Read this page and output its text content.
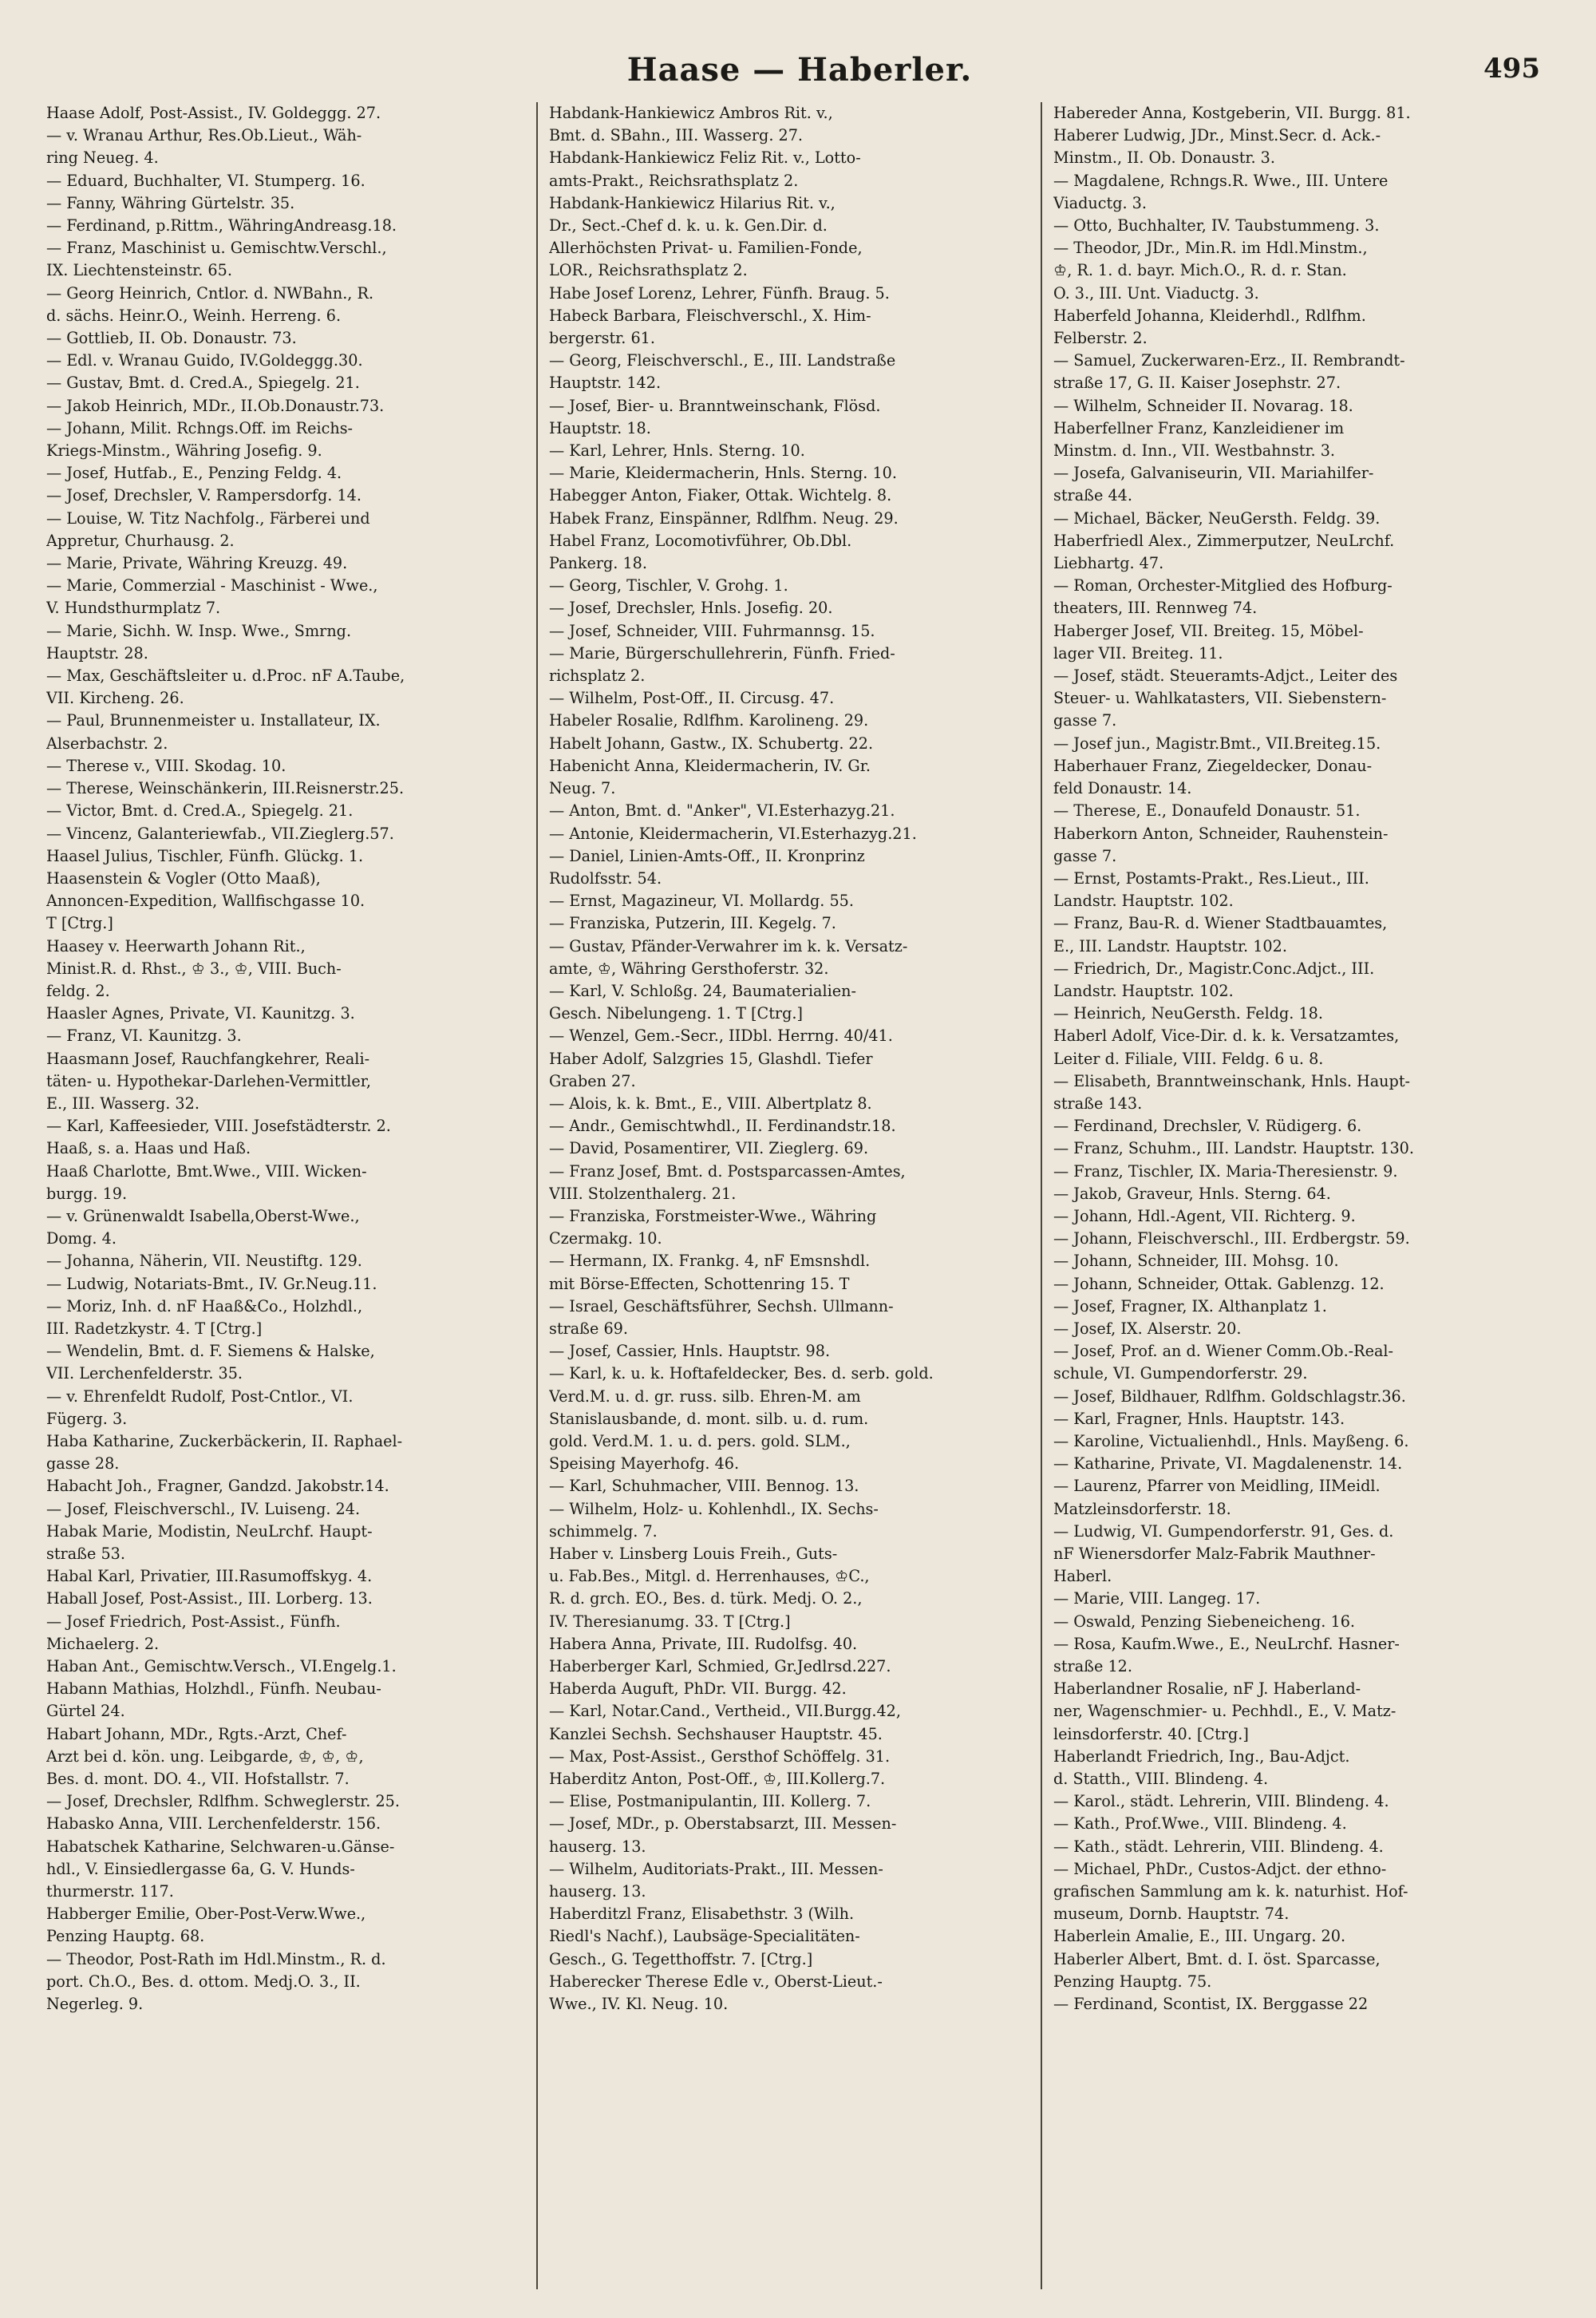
Haase — Haberler.	495

Haase Adolf, Post-Assist., IV. Goldeggg. 27.

— v. Wranau Arthur, Res.Ob.Lieut., Wäh-

ring Neueg. 4.

— Eduard, Buchhalter, VI. Stumperg. 16.

— Fanny, Währing Gürtelstr. 35.

— Ferdinand, p.Rittm., WähringAndreasg.18.

— Franz, Maschinist u. Gemischtw.Verschl.,

IX. Liechtensteinstr. 65.

— Georg Heinrich, Cntlor. d. NWBahn., R.

d. sächs. Heinr.O., Weinh. Herreng. 6.

— Gottlieb, II. Ob. Donaustr. 73.

— Edl. v. Wranau Guido, IV.Goldeggg.30.

— Gustav, Bmt. d. Cred.A., Spiegelg. 21.

— Jakob Heinrich, MDr., II.Ob.Donaustr.73.

— Johann, Milit. Rchngs.Off. im Reichs-

Kriegs-Minstm., Währing Josefig. 9.

— Josef, Hutfab., E., Penzing Feldg. 4.

— Josef, Drechsler, V. Rampersdorfg. 14.

— Louise, W. Titz Nachfolg., Färberei und

Appretur, Churhausg. 2.

— Marie, Private, Währing Kreuzg. 49.

— Marie, Commerzial - Maschinist - Wwe.,

V. Hundsthurmplatz 7.

— Marie, Sichh. W. Insp. Wwe., Smrng.

Hauptstr. 28.

— Max, Geschäftsleiter u. d.Proc. nF A.Taube,

VII. Kircheng. 26.

— Paul, Brunnenmeister u. Installateur, IX.

Alserbachstr. 2.

— Therese v., VIII. Skodag. 10.

— Therese, Weinschänkerin, III.Reisnerstr.25.

— Victor, Bmt. d. Cred.A., Spiegelg. 21.

— Vincenz, Galanteriewfab., VII.Zieglerg.57.

Haasel Julius, Tischler, Fünfh. Glückg. 1.

Haasenstein & Vogler (Otto Maaß),

Annoncen-Expedition, Wallfischgasse 10.

T [Ctrg.]

Haasey v. Heerwarth Johann Rit.,

Minist.R. d. Rhst., ♔ 3., ♔, VIII. Buch-

feldg. 2.

Haasler Agnes, Private, VI. Kaunitzg. 3.

— Franz, VI. Kaunitzg. 3.

Haasmann Josef, Rauchfangkehrer, Reali-

täten- u. Hypothekar-Darlehen-Vermittler,

E., III. Wasserg. 32.

— Karl, Kaffeesieder, VIII. Josefstädterstr. 2.

Haaß, s. a. Haas und Haß.

Haaß Charlotte, Bmt.Wwe., VIII. Wicken-

burgg. 19.

— v. Grünenwaldt Isabella,Oberst-Wwe.,

Domg. 4.

— Johanna, Näherin, VII. Neustiftg. 129.

— Ludwig, Notariats-Bmt., IV. Gr.Neug.11.

— Moriz, Inh. d. nF Haaß&Co., Holzhdl.,

III. Radetzkystr. 4. T [Ctrg.]

— Wendelin, Bmt. d. F. Siemens & Halske,

VII. Lerchenfelderstr. 35.

— v. Ehrenfeldt Rudolf, Post-Cntlor., VI.

Fügerg. 3.

Haba Katharine, Zuckerbäckerin, II. Raphael-

gasse 28.

Habacht Joh., Fragner, Gandzd. Jakobstr.14.

— Josef, Fleischverschl., IV. Luiseng. 24.

Habak Marie, Modistin, NeuLrchf. Haupt-

straße 53.

Habal Karl, Privatier, III.Rasumoffskyg. 4.

Haball Josef, Post-Assist., III. Lorberg. 13.

— Josef Friedrich, Post-Assist., Fünfh.

Michaelerg. 2.

Haban Ant., Gemischtw.Versch., VI.Engelg.1.

Habann Mathias, Holzhdl., Fünfh. Neubau-

Gürtel 24.

Habart Johann, MDr., Rgts.-Arzt, Chef-

Arzt bei d. kön. ung. Leibgarde, ♔, ♔, ♔,

Bes. d. mont. DO. 4., VII. Hofstallstr. 7.

— Josef, Drechsler, Rdlfhm. Schweglerstr. 25.

Habasko Anna, VIII. Lerchenfelderstr. 156.

Habatschek Katharine, Selchwaren-u.Gänse-

hdl., V. Einsiedlergasse 6a, G. V. Hunds-

thurmerstr. 117.

Habberger Emilie, Ober-Post-Verw.Wwe.,

Penzing Hauptg. 68.

— Theodor, Post-Rath im Hdl.Minstm., R. d.

port. Ch.O., Bes. d. ottom. Medj.O. 3., II.

Negerleg. 9.

Habdank-Hankiewicz Ambros Rit. v.,

Bmt. d. SBahn., III. Wasserg. 27.

Habdank-Hankiewicz Feliz Rit. v., Lotto-

amts-Prakt., Reichsrathsplatz 2.

Habdank-Hankiewicz Hilarius Rit. v.,

Dr., Sect.-Chef d. k. u. k. Gen.Dir. d.

Allerhöchsten Privat- u. Familien-Fonde,

LOR., Reichsrathsplatz 2.

Habe Josef Lorenz, Lehrer, Fünfh. Braug. 5.

Habeck Barbara, Fleischverschl., X. Him-

bergerstr. 61.

— Georg, Fleischverschl., E., III. Landstraße

Hauptstr. 142.

— Josef, Bier- u. Branntweinschank, Flösd.

Hauptstr. 18.

— Karl, Lehrer, Hnls. Sterng. 10.

— Marie, Kleidermacherin, Hnls. Sterng. 10.

Habegger Anton, Fiaker, Ottak. Wichtelg. 8.

Habek Franz, Einspänner, Rdlfhm. Neug. 29.

Habel Franz, Locomotivführer, Ob.Dbl.

Pankerg. 18.

— Georg, Tischler, V. Grohg. 1.

— Josef, Drechsler, Hnls. Josefig. 20.

— Josef, Schneider, VIII. Fuhrmannsg. 15.

— Marie, Bürgerschullehrerin, Fünfh. Fried-

richsplatz 2.

— Wilhelm, Post-Off., II. Circusg. 47.

Habeler Rosalie, Rdlfhm. Karolineng. 29.

Habelt Johann, Gastw., IX. Schubertg. 22.

Habenicht Anna, Kleidermacherin, IV. Gr.

Neug. 7.

— Anton, Bmt. d. "Anker", VI.Esterhazyg.21.

— Antonie, Kleidermacherin, VI.Esterhazyg.21.

— Daniel, Linien-Amts-Off., II. Kronprinz

Rudolfsstr. 54.

— Ernst, Magazineur, VI. Mollardg. 55.

— Franziska, Putzerin, III. Kegelg. 7.

— Gustav, Pfänder-Verwahrer im k. k. Versatz-

amte, ♔, Währing Gersthoferstr. 32.

— Karl, V. Schloßg. 24, Baumaterialien-

Gesch. Nibelungeng. 1. T [Ctrg.]

— Wenzel, Gem.-Secr., IIDbl. Herrng. 40/41.

Haber Adolf, Salzgries 15, Glashdl. Tiefer

Graben 27.

— Alois, k. k. Bmt., E., VIII. Albertplatz 8.

— Andr., Gemischtwhdl., II. Ferdinandstr.18.

— David, Posamentirer, VII. Zieglerg. 69.

— Franz Josef, Bmt. d. Postsparcassen-Amtes,

VIII. Stolzenthalerg. 21.

— Franziska, Forstmeister-Wwe., Währing

Czermakg. 10.

— Hermann, IX. Frankg. 4, nF Emsnshdl.

mit Börse-Effecten, Schottenring 15. T

— Israel, Geschäftsführer, Sechsh. Ullmann-

straße 69.

— Josef, Cassier, Hnls. Hauptstr. 98.

— Karl, k. u. k. Hoftafeldecker, Bes. d. serb. gold.

Verd.M. u. d. gr. russ. silb. Ehren-M. am

Stanislausbande, d. mont. silb. u. d. rum.

gold. Verd.M. 1. u. d. pers. gold. SLM.,

Speising Mayerhofg. 46.

— Karl, Schuhmacher, VIII. Bennog. 13.

— Wilhelm, Holz- u. Kohlenhdl., IX. Sechs-

schimmelg. 7.

Haber v. Linsberg Louis Freih., Guts-

u. Fab.Bes., Mitgl. d. Herrenhauses, ♔C.,

R. d. grch. EO., Bes. d. türk. Medj. O. 2.,

IV. Theresianumg. 33. T [Ctrg.]

Habera Anna, Private, III. Rudolfsg. 40.

Haberberger Karl, Schmied, Gr.Jedlrsd.227.

Haberda Auguft, PhDr. VII. Burgg. 42.

— Karl, Notar.Cand., Vertheid., VII.Burgg.42,

Kanzlei Sechsh. Sechshauser Hauptstr. 45.

— Max, Post-Assist., Gersthof Schöffelg. 31.

Haberditz Anton, Post-Off., ♔, III.Kollerg.7.

— Elise, Postmanipulantin, III. Kollerg. 7.

— Josef, MDr., p. Oberstabsarzt, III. Messen-

hauserg. 13.

— Wilhelm, Auditoriats-Prakt., III. Messen-

hauserg. 13.

Haberditzl Franz, Elisabethstr. 3 (Wilh.

Riedl's Nachf.), Laubsäge-Specialitäten-

Gesch., G. Tegetthoffstr. 7. [Ctrg.]

Haberecker Therese Edle v., Oberst-Lieut.-

Wwe., IV. Kl. Neug. 10.

Habereder Anna, Kostgeberin, VII. Burgg. 81.

Haberer Ludwig, JDr., Minst.Secr. d. Ack.-

Minstm., II. Ob. Donaustr. 3.

— Magdalene, Rchngs.R. Wwe., III. Untere

Viaductg. 3.

— Otto, Buchhalter, IV. Taubstummeng. 3.

— Theodor, JDr., Min.R. im Hdl.Minstm.,

♔, R. 1. d. bayr. Mich.O., R. d. r. Stan.

O. 3., III. Unt. Viaductg. 3.

Haberfeld Johanna, Kleiderhdl., Rdlfhm.

Felberstr. 2.

— Samuel, Zuckerwaren-Erz., II. Rembrandt-

straße 17, G. II. Kaiser Josephstr. 27.

— Wilhelm, Schneider II. Novarag. 18.

Haberfellner Franz, Kanzleidiener im

Minstm. d. Inn., VII. Westbahnstr. 3.

— Josefa, Galvaniseurin, VII. Mariahilfer-

straße 44.

— Michael, Bäcker, NeuGersth. Feldg. 39.

Haberfriedl Alex., Zimmerputzer, NeuLrchf.

Liebhartg. 47.

— Roman, Orchester-Mitglied des Hofburg-

theaters, III. Rennweg 74.

Haberger Josef, VII. Breiteg. 15, Möbel-

lager VII. Breiteg. 11.

— Josef, städt. Steueramts-Adjct., Leiter des

Steuer- u. Wahlkatasters, VII. Siebenstern-

gasse 7.

— Josef jun., Magistr.Bmt., VII.Breiteg.15.

Haberhauer Franz, Ziegeldecker, Donau-

feld Donaustr. 14.

— Therese, E., Donaufeld Donaustr. 51.

Haberkorn Anton, Schneider, Rauhenstein-

gasse 7.

— Ernst, Postamts-Prakt., Res.Lieut., III.

Landstr. Hauptstr. 102.

— Franz, Bau-R. d. Wiener Stadtbauamtes,

E., III. Landstr. Hauptstr. 102.

— Friedrich, Dr., Magistr.Conc.Adjct., III.

Landstr. Hauptstr. 102.

— Heinrich, NeuGersth. Feldg. 18.

Haberl Adolf, Vice-Dir. d. k. k. Versatzamtes,

Leiter d. Filiale, VIII. Feldg. 6 u. 8.

— Elisabeth, Branntweinschank, Hnls. Haupt-

straße 143.

— Ferdinand, Drechsler, V. Rüdigerg. 6.

— Franz, Schuhm., III. Landstr. Hauptstr. 130.

— Franz, Tischler, IX. Maria-Theresienstr. 9.

— Jakob, Graveur, Hnls. Sterng. 64.

— Johann, Hdl.-Agent, VII. Richterg. 9.

— Johann, Fleischverschl., III. Erdbergstr. 59.

— Johann, Schneider, III. Mohsg. 10.

— Johann, Schneider, Ottak. Gablenzg. 12.

— Josef, Fragner, IX. Althanplatz 1.

— Josef, IX. Alserstr. 20.

— Josef, Prof. an d. Wiener Comm.Ob.-Real-

schule, VI. Gumpendorferstr. 29.

— Josef, Bildhauer, Rdlfhm. Goldschlagstr.36.

— Karl, Fragner, Hnls. Hauptstr. 143.

— Karoline, Victualienhdl., Hnls. Mayßeng. 6.

— Katharine, Private, VI. Magdalenenstr. 14.

— Laurenz, Pfarrer von Meidling, IIMeidl.

Matzleinsdorferstr. 18.

— Ludwig, VI. Gumpendorferstr. 91, Ges. d.

nF Wienersdorfer Malz-Fabrik Mauthner-

Haberl.

— Marie, VIII. Langeg. 17.

— Oswald, Penzing Siebeneicheng. 16.

— Rosa, Kaufm.Wwe., E., NeuLrchf. Hasner-

straße 12.

Haberlandner Rosalie, nF J. Haberland-

ner, Wagenschmier- u. Pechhdl., E., V. Matz-

leinsdorferstr. 40. [Ctrg.]

Haberlandt Friedrich, Ing., Bau-Adjct.

d. Statth., VIII. Blindeng. 4.

— Karol., städt. Lehrerin, VIII. Blindeng. 4.

— Kath., Prof.Wwe., VIII. Blindeng. 4.

— Kath., städt. Lehrerin, VIII. Blindeng. 4.

— Michael, PhDr., Custos-Adjct. der ethno-

grafischen Sammlung am k. k. naturhist. Hof-

museum, Dornb. Hauptstr. 74.

Haberlein Amalie, E., III. Ungarg. 20.

Haberler Albert, Bmt. d. I. öst. Sparcasse,

Penzing Hauptg. 75.

— Ferdinand, Scontist, IX. Berggasse 22
